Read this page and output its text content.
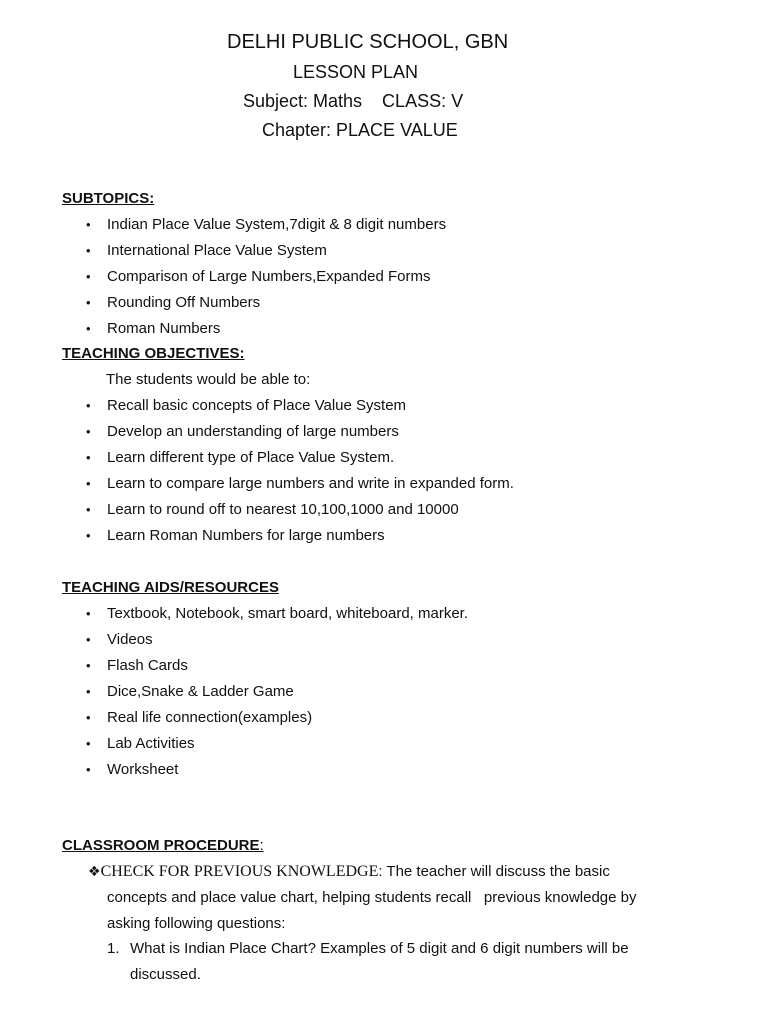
DELHI PUBLIC SCHOOL, GBN
LESSON PLAN
Subject: Maths    CLASS: V
Chapter: PLACE VALUE
SUBTOPICS:
• Indian Place Value System,7digit & 8 digit numbers
• International Place Value System
• Comparison of Large Numbers,Expanded Forms
• Rounding Off Numbers
• Roman Numbers
TEACHING OBJECTIVES:
The students would be able to:
• Recall basic concepts of Place Value System
• Develop an understanding of large numbers
• Learn different type of Place Value System.
• Learn to compare large numbers and write in expanded form.
• Learn to round off to nearest 10,100,1000 and 10000
• Learn Roman Numbers for large numbers
TEACHING AIDS/RESOURCES
• Textbook, Notebook, smart board, whiteboard, marker.
• Videos
• Flash Cards
• Dice,Snake & Ladder Game
• Real life connection(examples)
• Lab Activities
• Worksheet
CLASSROOM PROCEDURE:
❖CHECK FOR PREVIOUS KNOWLEDGE: The teacher will discuss the basic
concepts and place value chart, helping students recall   previous knowledge by
asking following questions:
1. What is Indian Place Chart? Examples of 5 digit and 6 digit numbers will be
discussed.
